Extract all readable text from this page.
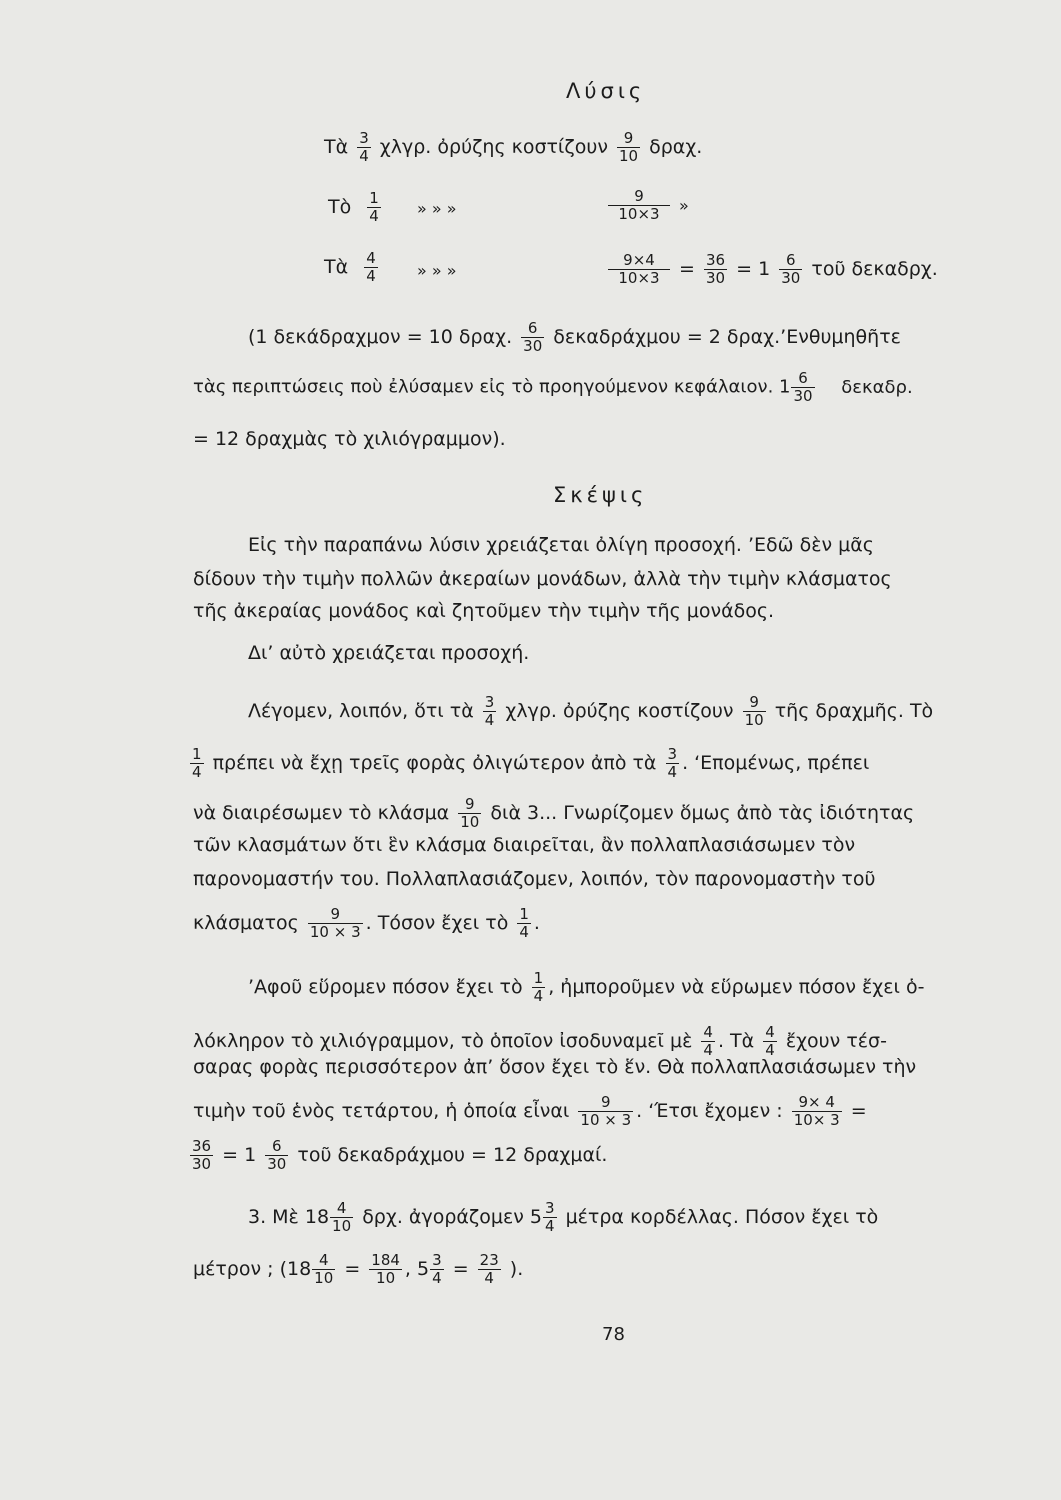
Λύσις
Τὰ $\frac{3}{4} \chi\lambda\gamma\rho$. ὀρύζης κοστίζουν $\frac{9}{10} \delta\rho\alpha\chi$.
Τὸ $\frac{1}{4}$ » » »	$\frac{9}{10\times 3}$ »
Τὰ $\frac{4}{4}$ » » »	$\frac{9\times 4}{10\times 3} = \frac{36}{30} = 1 \frac{6}{30}$ τοῦ δεκαδρχ.
(1 δεκάδραχμον = 10 δραχ. $\frac{6}{30}$ δεκαδράχμου = 2 δραχ.’Ενθυμηθῆτε
τὰς περιπτώσεις ποὺ ἐλύσαμεν εἰς τὸ προηγούμενον κεφάλαιον. $1 \frac{6}{30} \delta\varepsilon\kappa\alpha\delta\rho$.
= 12 δραχμὰς τὸ χιλιόγραμμον).
Σκέψις
Εἰς τὴν παραπάνω λύσιν χρειάζεται ὀλίγη προσοχή. ’Εδῶ δὲν μᾶς
δίδουν τὴν τιμὴν πολλῶν ἀκεραίων μονάδων, ἀλλὰ τὴν τιμὴν κλάσματος
τῆς ἀκεραίας μονάδος καὶ ζητοῦμεν τὴν τιμὴν τῆς μονάδος.
Δι’ αὐτὸ χρειάζεται προσοχή.
Λέγομεν, λοιπόν, ὅτι τὰ $\frac{3}{4} \chi\lambda\gamma\rho$. ὀρύζης κοστίζουν $\frac{9}{10}$ τῆς δραχμῆς. Τὸ
$\frac{1}{4}$ πρέπει νὰ ἔχῃ τρεῖς φορὰς ὀλιγώτερον ἀπὸ τὰ $\frac{3}{4}$ . ‘Επομένως, πρέπει
νὰ διαιρέσωμεν τὸ κλάσμα $\frac{9}{10}$ διὰ 3... Γνωρίζομεν ὅμως ἀπὸ τὰς ἰδιότητας
τῶν κλασμάτων ὅτι ἓν κλάσμα διαιρεῖται, ἂν πολλαπλασιάσωμεν τὸν
παρονομαστήν του. Πολλαπλασιάζομεν, λοιπόν, τὸν παρονομαστὴν τοῦ
κλάσματος $\frac{9}{10 \times 3}$ . Τόσον ἔχει τὸ $\frac{1}{4}$ .
’Αφοῦ εὕρομεν πόσον ἔχει τὸ $\frac{1}{4}$ , ἠμποροῦμεν νὰ εὕρωμεν πόσον ἔχει ὁ-
λόκληρον τὸ χιλιόγραμμον, τὸ ὁποῖον ἰσοδυναμεῖ μὲ $\frac{4}{4}$ . Τὰ $\frac{4}{4}$ ἔχουν τέσ-
σαρας φορὰς περισσότερον ἀπ’ ὅσον ἔχει τὸ ἕν. Θὰ πολλαπλασιάσωμεν τὴν
τιμὴν τοῦ ἑνὸς τετάρτου, ἡ ὁποία εἶναι $\frac{9}{10 \times 3}$ . ‘Έτσι ἔχομεν : $\frac{9\times 4}{10\times 3}$ =
$\frac{36}{30} = 1 \frac{6}{30}$ τοῦ δεκαδράχμου = 12 δραχμαί.
3. Μὲ $18 \frac{4}{10} \delta\rho\chi$. ἀγοράζομεν $5 \frac{3}{4}$ μέτρα κορδέλλας. Πόσον ἔχει τὸ
μέτρον ; ($18 \frac{4}{10} = \frac{184}{10}$ , $5 \frac{3}{4} = \frac{23}{4}$ ).
78
